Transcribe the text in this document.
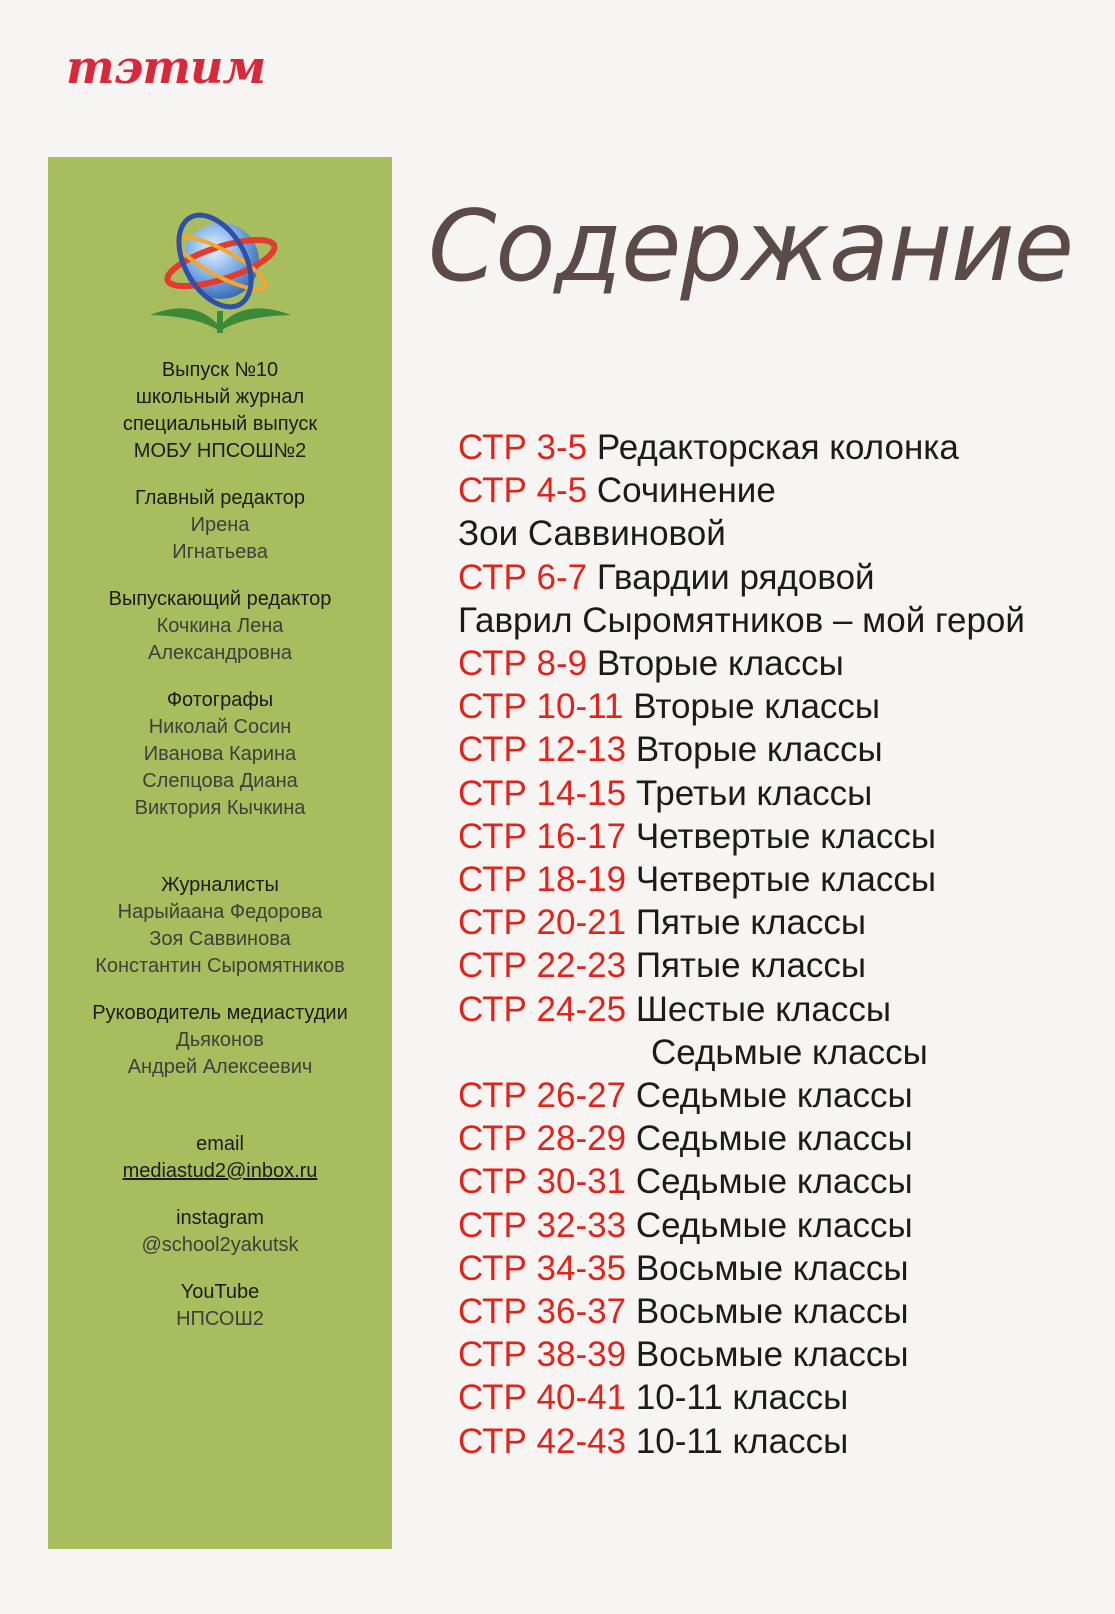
тэтим
Выпуск №10
школьный журнал
специальный выпуск
МОБУ НПСОШ№2
Главный редактор
Ирена
Игнатьева
Выпускающий редактор
Кочкина Лена
Александровна
Фотографы
Николай Сосин
Иванова Карина
Слепцова Диана
Виктория Кычкина
Журналисты
Нарыйаана Федорова
Зоя Саввинова
Константин Сыромятников
Руководитель медиастудии
Дьяконов
Андрей Алексеевич
email
mediastud2@inbox.ru
instagram
@school2yakutsk
YouTube
НПСОШ2
Содержание
СТР 3-5 Редакторская колонка
СТР 4-5 Сочинение
Зои Саввиновой
СТР 6-7 Гвардии рядовой
Гаврил Сыромятников – мой герой
СТР 8-9 Вторые классы
СТР 10-11 Вторые классы
СТР 12-13 Вторые классы
СТР 14-15 Третьи классы
СТР 16-17 Четвертые классы
СТР 18-19 Четвертые классы
СТР 20-21 Пятые классы
СТР 22-23 Пятые классы
СТР 24-25 Шестые классы
Седьмые классы
СТР 26-27 Седьмые классы
СТР 28-29 Седьмые классы
СТР 30-31 Седьмые классы
СТР 32-33 Седьмые классы
СТР 34-35 Восьмые классы
СТР 36-37 Восьмые классы
СТР 38-39 Восьмые классы
СТР 40-41 10-11 классы
СТР 42-43 10-11 классы
